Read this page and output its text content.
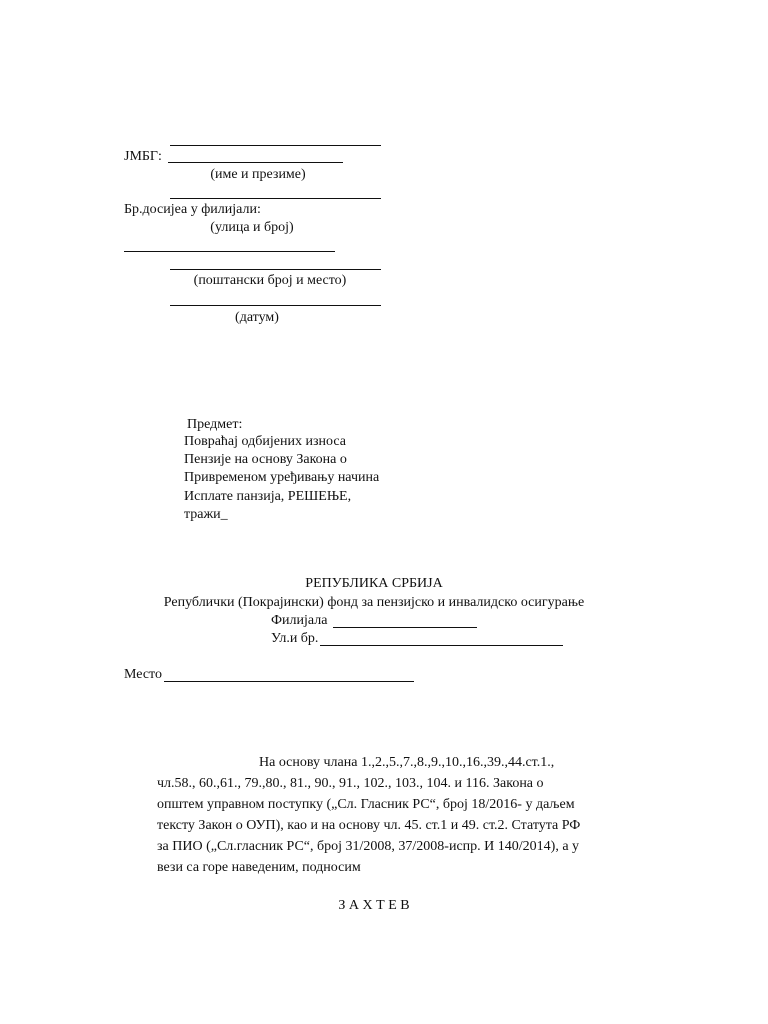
ЈМБГ:
(име и презиме)
Бр.досијеа у филијали:
(улица и број)
(поштански број и место)
(датум)
Предмет:
Повраћај одбијених износа
Пензије на основу Закона о
Привременом уређивању начина
Исплате панзија, РЕШЕЊЕ,
тражи_
РЕПУБЛИКА СРБИЈА
Републички (Покрајински) фонд за пензијско и инвалидско осигурање
Филијала
Ул.и бр.
Место
На основу члана 1.,2.,5.,7.,8.,9.,10.,16.,39.,44.ст.1.,
чл.58., 60.,61., 79.,80., 81., 90., 91., 102., 103., 104. и 116. Закона о
општем управном поступку („Сл. Гласник РС“, број 18/2016- у даљем
тексту Закон о ОУП), као и на основу чл. 45. ст.1 и 49. ст.2. Статута РФ
за ПИО („Сл.гласник РС“, број 31/2008, 37/2008-испр. И 140/2014), а у
вези са горе наведеним, подносим
З А Х Т Е В
